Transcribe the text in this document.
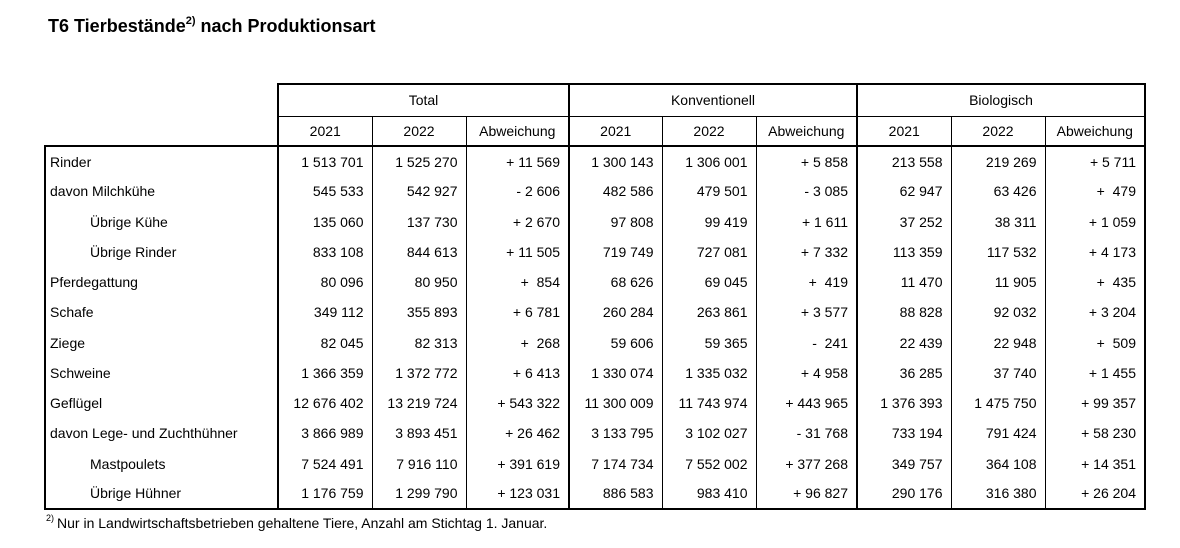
T6 Tierbestände$^{2)}$ nach Produktionsart
	Total			Konventionell			Biologisch		
	2021	2022	Abweichung	2021	2022	Abweichung	2021	2022	Abweichung
Rinder	1 513 701	1 525 270	+ 11 569	1 300 143	1 306 001	+ 5 858	213 558	219 269	+ 5 711
davon Milchkühe	545 533	542 927	- 2 606	482 586	479 501	- 3 085	62 947	63 426	+  479
Übrige Kühe	135 060	137 730	+ 2 670	97 808	99 419	+ 1 611	37 252	38 311	+ 1 059
Übrige Rinder	833 108	844 613	+ 11 505	719 749	727 081	+ 7 332	113 359	117 532	+ 4 173
Pferdegattung	80 096	80 950	+  854	68 626	69 045	+  419	11 470	11 905	+  435
Schafe	349 112	355 893	+ 6 781	260 284	263 861	+ 3 577	88 828	92 032	+ 3 204
Ziege	82 045	82 313	+  268	59 606	59 365	-  241	22 439	22 948	+  509
Schweine	1 366 359	1 372 772	+ 6 413	1 330 074	1 335 032	+ 4 958	36 285	37 740	+ 1 455
Geflügel	12 676 402	13 219 724	+ 543 322	11 300 009	11 743 974	+ 443 965	1 376 393	1 475 750	+ 99 357
davon Lege- und Zuchthühner	3 866 989	3 893 451	+ 26 462	3 133 795	3 102 027	- 31 768	733 194	791 424	+ 58 230
Mastpoulets	7 524 491	7 916 110	+ 391 619	7 174 734	7 552 002	+ 377 268	349 757	364 108	+ 14 351
Übrige Hühner	1 176 759	1 299 790	+ 123 031	886 583	983 410	+ 96 827	290 176	316 380	+ 26 204
$^{2)}$ Nur in Landwirtschaftsbetrieben gehaltene Tiere, Anzahl am Stichtag 1. Januar.
